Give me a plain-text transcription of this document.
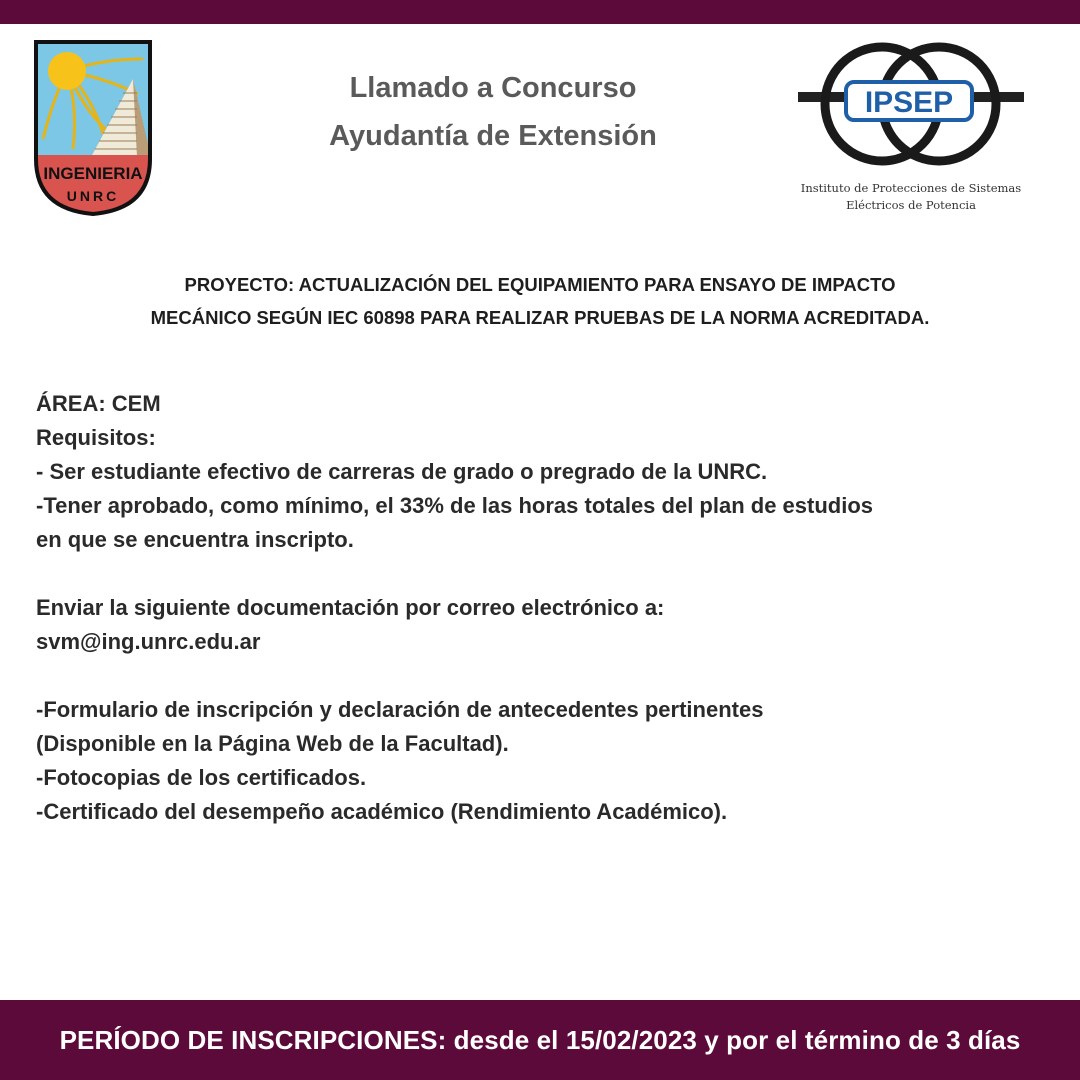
INGENIERIA
UNRC
Llamado a Concurso
Ayudantía de Extensión
IPSEP
Instituto de Protecciones de Sistemas
Eléctricos de Potencia
PROYECTO: ACTUALIZACIÓN DEL EQUIPAMIENTO PARA ENSAYO DE IMPACTO
MECÁNICO SEGÚN IEC 60898 PARA REALIZAR PRUEBAS DE LA NORMA ACREDITADA.

ÁREA: CEM

Requisitos:

- Ser estudiante efectivo de carreras de grado o pregrado de la UNRC.

-Tener aprobado, como mínimo, el 33% de las horas totales del plan de estudios

en que se encuentra inscripto.

Enviar la siguiente documentación por correo electrónico a:

svm@ing.unrc.edu.ar

-Formulario de inscripción y declaración de antecedentes pertinentes

(Disponible en la Página Web de la Facultad).

-Fotocopias de los certificados.

-Certificado del desempeño académico (Rendimiento Académico).

PERÍODO DE INSCRIPCIONES: desde el 15/02/2023 y por el término de 3 días
